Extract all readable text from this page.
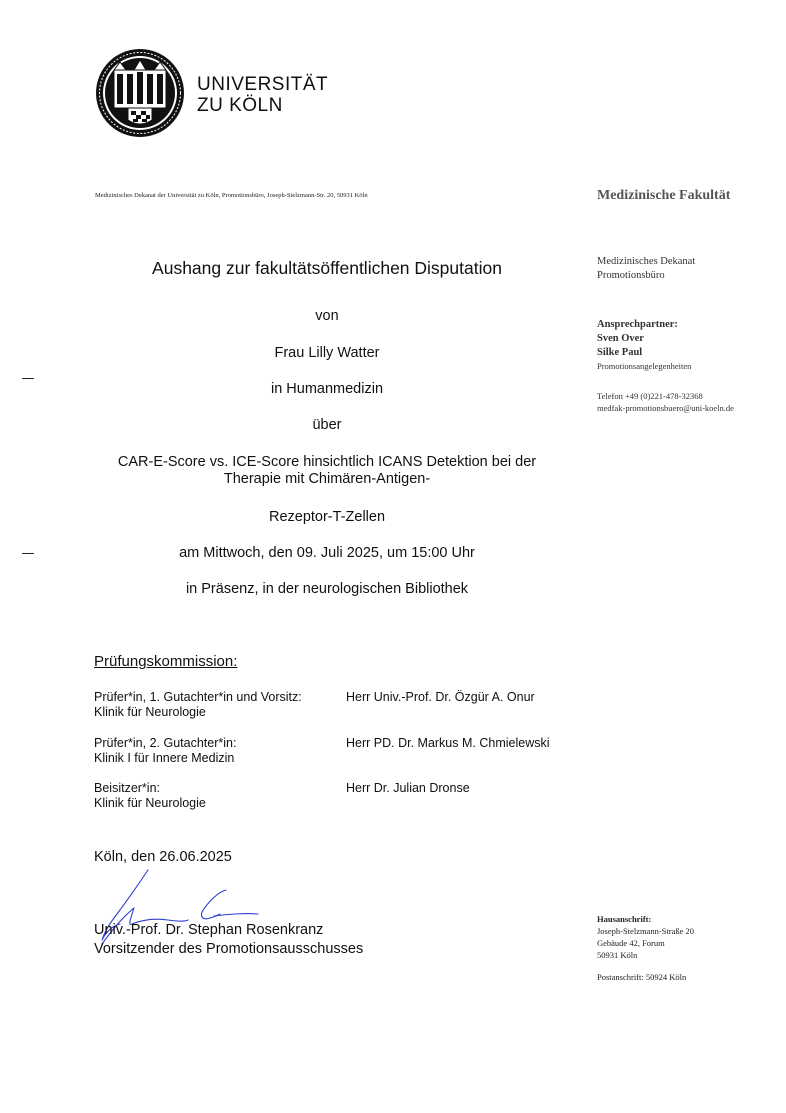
UNIVERSITÄT
ZU KÖLN
Medizinisches Dekanat der Universität zu Köln, Promotionsbüro, Joseph-Stelzmann-Str. 20, 50931 Köln	Medizinische Fakultät
Medizinisches Dekanat
Promotionsbüro
Ansprechpartner:
Sven Over
Silke Paul
Promotionsangelegenheiten
Telefon +49 (0)221-478-32368
medfak-promotionsbuero@uni-koeln.de
Hausanschrift:
Joseph-Stelzmann-Straße 20
Gebäude 42, Forum
50931 Köln
Postanschrift: 50924 Köln
Aushang zur fakultätsöffentlichen Disputation
von
Frau Lilly Watter
in Humanmedizin
über
CAR-E-Score vs. ICE-Score hinsichtlich ICANS Detektion bei der
Therapie mit Chimären-Antigen-
Rezeptor-T-Zellen
am Mittwoch, den 09. Juli 2025, um 15:00 Uhr
in Präsenz, in der neurologischen Bibliothek
Prüfungskommission:
Prüfer*in, 1. Gutachter*in und Vorsitz:
Klinik für Neurologie
Herr Univ.-Prof. Dr. Özgür A. Onur
Prüfer*in, 2. Gutachter*in:
Klinik I für Innere Medizin
Herr PD. Dr. Markus M. Chmielewski
Beisitzer*in:
Klinik für Neurologie
Herr Dr. Julian Dronse
Köln, den 26.06.2025
Univ.-Prof. Dr. Stephan Rosenkranz
Vorsitzender des Promotionsausschusses
